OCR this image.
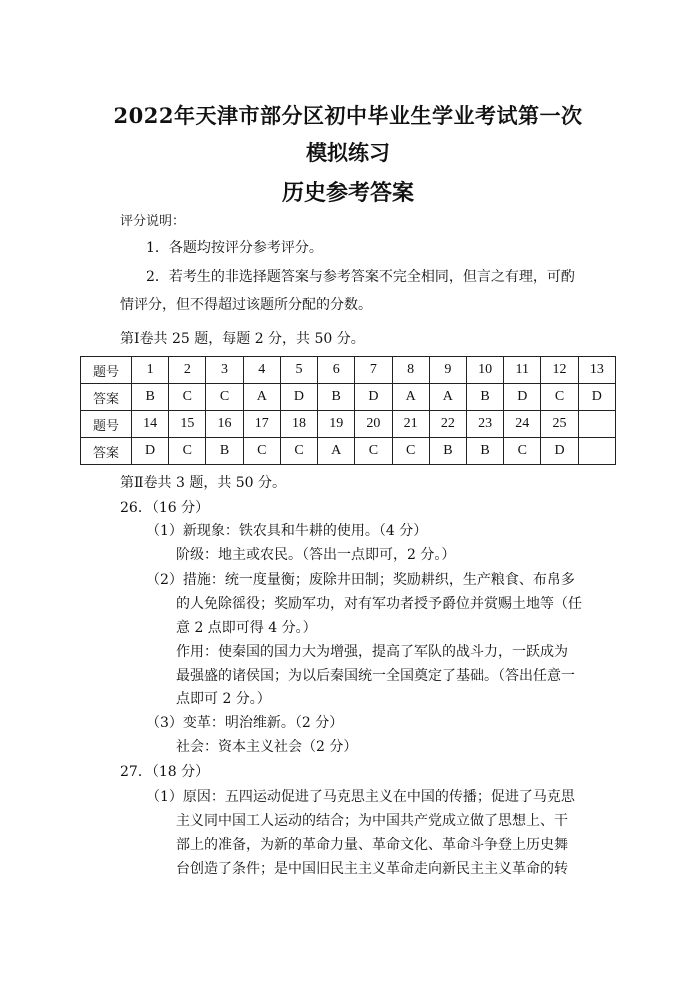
2022年天津市部分区初中毕业生学业考试第一次
模拟练习
历史参考答案
评分说明：
1．各题均按评分参考评分。
2．若考生的非选择题答案与参考答案不完全相同，但言之有理，可酌
情评分，但不得超过该题所分配的分数。
第Ⅰ卷共 25 题，每题 2 分，共 50 分。
题号	1	2	3	4	5	6	7	8	9	10	11	12	13
答案	B	C	C	A	D	B	D	A	A	B	D	C	D
题号	14	15	16	17	18	19	20	21	22	23	24	25	
答案	D	C	B	C	C	A	C	C	B	B	C	D	
第Ⅱ卷共 3 题，共 50 分。
26．（16 分）
（1）新现象：铁农具和牛耕的使用。（4 分）
阶级：地主或农民。（答出一点即可，2 分。）
（2）措施：统一度量衡；废除井田制；奖励耕织，生产粮食、布帛多
的人免除徭役；奖励军功，对有军功者授予爵位并赏赐土地等（任
意 2 点即可得 4 分。）
作用：使秦国的国力大为增强，提高了军队的战斗力，一跃成为
最强盛的诸侯国；为以后秦国统一全国奠定了基础。（答出任意一
点即可 2 分。）
（3）变革：明治维新。（2 分）
社会：资本主义社会（2 分）
27．（18 分）
（1）原因：五四运动促进了马克思主义在中国的传播；促进了马克思
主义同中国工人运动的结合；为中国共产党成立做了思想上、干
部上的准备，为新的革命力量、革命文化、革命斗争登上历史舞
台创造了条件；是中国旧民主主义革命走向新民主主义革命的转
